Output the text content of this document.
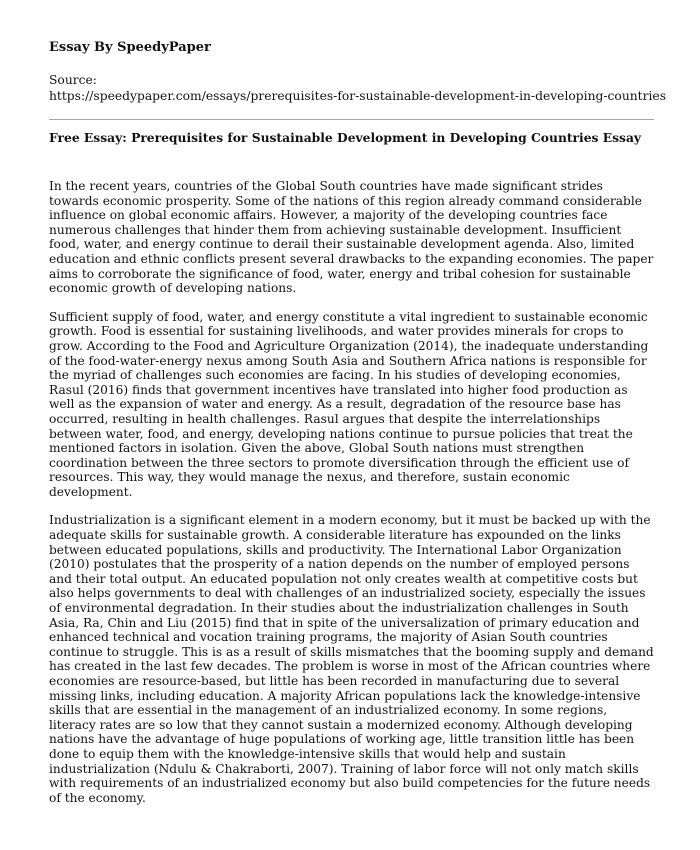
Essay By SpeedyPaper
Source:
https://speedypaper.com/essays/prerequisites-for-sustainable-development-in-developing-countries
Free Essay: Prerequisites for Sustainable Development in Developing Countries Essay

In the recent years, countries of the Global South countries have made significant strides towards economic prosperity. Some of the nations of this region already command considerable influence on global economic affairs. However, a majority of the developing countries face numerous challenges that hinder them from achieving sustainable development. Insufficient food, water, and energy continue to derail their sustainable development agenda. Also, limited education and ethnic conflicts present several drawbacks to the expanding economies. The paper aims to corroborate the significance of food, water, energy and tribal cohesion for sustainable economic growth of developing nations.

Sufficient supply of food, water, and energy constitute a vital ingredient to sustainable economic growth. Food is essential for sustaining livelihoods, and water provides minerals for crops to grow. According to the Food and Agriculture Organization (2014), the inadequate understanding of the food-water-energy nexus among South Asia and Southern Africa nations is responsible for the myriad of challenges such economies are facing. In his studies of developing economies, Rasul (2016) finds that government incentives have translated into higher food production as well as the expansion of water and energy. As a result, degradation of the resource base has occurred, resulting in health challenges. Rasul argues that despite the interrelationships between water, food, and energy, developing nations continue to pursue policies that treat the mentioned factors in isolation. Given the above, Global South nations must strengthen coordination between the three sectors to promote diversification through the efficient use of resources. This way, they would manage the nexus, and therefore, sustain economic development.

Industrialization is a significant element in a modern economy, but it must be backed up with the adequate skills for sustainable growth. A considerable literature has expounded on the links between educated populations, skills and productivity. The International Labor Organization (2010) postulates that the prosperity of a nation depends on the number of employed persons and their total output. An educated population not only creates wealth at competitive costs but also helps governments to deal with challenges of an industrialized society, especially the issues of environmental degradation. In their studies about the industrialization challenges in South Asia, Ra, Chin and Liu (2015) find that in spite of the universalization of primary education and enhanced technical and vocation training programs, the majority of Asian South countries continue to struggle. This is as a result of skills mismatches that the booming supply and demand has created in the last few decades. The problem is worse in most of the African countries where economies are resource-based, but little has been recorded in manufacturing due to several missing links, including education. A majority African populations lack the knowledge-intensive skills that are essential in the management of an industrialized economy. In some regions, literacy rates are so low that they cannot sustain a modernized economy. Although developing nations have the advantage of huge populations of working age, little transition little has been done to equip them with the knowledge-intensive skills that would help and sustain industrialization (Ndulu & Chakraborti, 2007). Training of labor force will not only match skills with requirements of an industrialized economy but also build competencies for the future needs of the economy.
